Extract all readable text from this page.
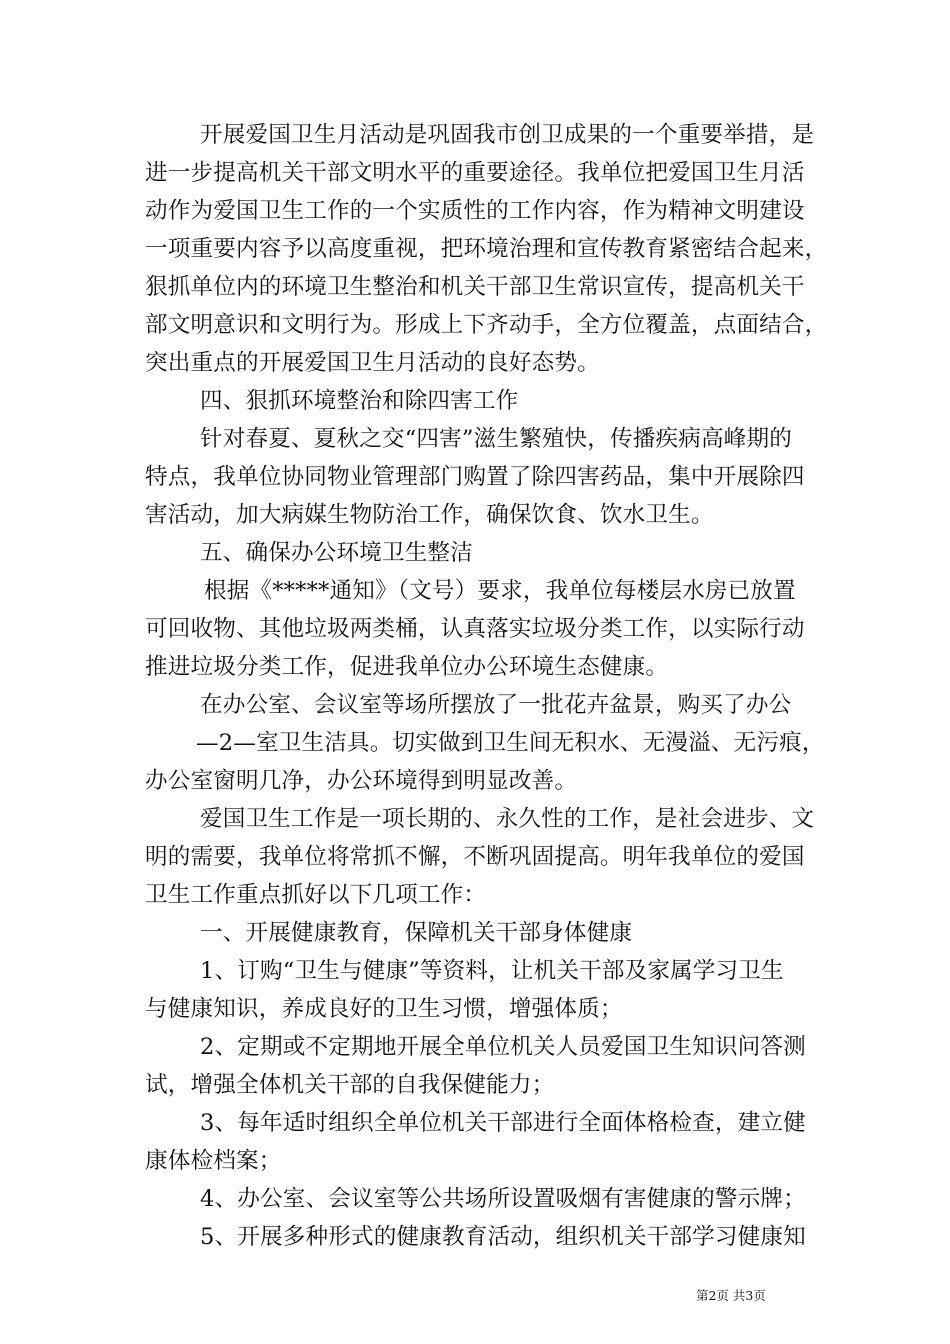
开展爱国卫生月活动是巩固我市创卫成果的一个重要举措，是
进一步提高机关干部文明水平的重要途径。我单位把爱国卫生月活
动作为爱国卫生工作的一个实质性的工作内容，作为精神文明建设
一项重要内容予以高度重视，把环境治理和宣传教育紧密结合起来，
狠抓单位内的环境卫生整治和机关干部卫生常识宣传，提高机关干
部文明意识和文明行为。形成上下齐动手，全方位覆盖，点面结合，
突出重点的开展爱国卫生月活动的良好态势。
四、狠抓环境整治和除四害工作
针对春夏、夏秋之交“四害”滋生繁殖快，传播疾病高峰期的
特点，我单位协同物业管理部门购置了除四害药品，集中开展除四
害活动，加大病媒生物防治工作，确保饮食、饮水卫生。
五、确保办公环境卫生整洁
根据《*****通知》（文号）要求，我单位每楼层水房已放置
可回收物、其他垃圾两类桶，认真落实垃圾分类工作，以实际行动
推进垃圾分类工作，促进我单位办公环境生态健康。
在办公室、会议室等场所摆放了一批花卉盆景，购买了办公
—2—室卫生洁具。切实做到卫生间无积水、无漫溢、无污痕，
办公室窗明几净，办公环境得到明显改善。
爱国卫生工作是一项长期的、永久性的工作，是社会进步、文
明的需要，我单位将常抓不懈，不断巩固提高。明年我单位的爱国
卫生工作重点抓好以下几项工作：
一、开展健康教育，保障机关干部身体健康
1、订购“卫生与健康”等资料，让机关干部及家属学习卫生
与健康知识，养成良好的卫生习惯，增强体质；
2、定期或不定期地开展全单位机关人员爱国卫生知识问答测
试，增强全体机关干部的自我保健能力；
3、每年适时组织全单位机关干部进行全面体格检查，建立健
康体检档案；
4、办公室、会议室等公共场所设置吸烟有害健康的警示牌；
5、开展多种形式的健康教育活动，组织机关干部学习健康知
第2页 共3页
